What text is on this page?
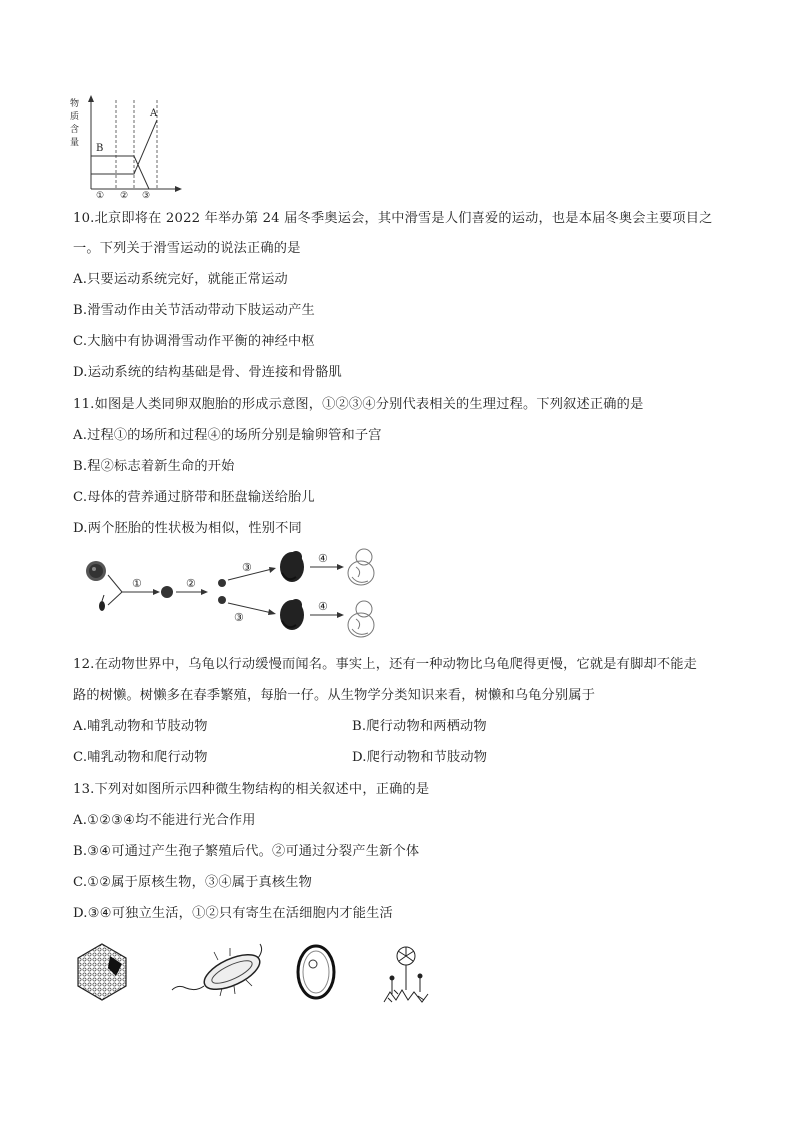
物质含量
A
B
① ② ③
10.北京即将在 2022 年举办第 24 届冬季奥运会，其中滑雪是人们喜爱的运动，也是本届冬奥会主要项目之
一。下列关于滑雪运动的说法正确的是
A.只要运动系统完好，就能正常运动
B.滑雪动作由关节活动带动下肢运动产生
C.大脑中有协调滑雪动作平衡的神经中枢
D.运动系统的结构基础是骨、骨连接和骨骼肌
11.如图是人类同卵双胞胎的形成示意图，①②③④分别代表相关的生理过程。下列叙述正确的是
A.过程①的场所和过程④的场所分别是输卵管和子宫
B.程②标志着新生命的开始
C.母体的营养通过脐带和胚盘输送给胎儿
D.两个胚胎的性状极为相似，性别不同
①	②
③
③
④
④
12.在动物世界中，乌龟以行动缓慢而闻名。事实上，还有一种动物比乌龟爬得更慢，它就是有脚却不能走
路的树懒。树懒多在春季繁殖，每胎一仔。从生物学分类知识来看，树懒和乌龟分别属于
A.哺乳动物和节肢动物	B.爬行动物和两栖动物
C.哺乳动物和爬行动物	D.爬行动物和节肢动物
13.下列对如图所示四种微生物结构的相关叙述中，正确的是
A.①②③④均不能进行光合作用
B.③④可通过产生孢子繁殖后代。②可通过分裂产生新个体
C.①②属于原核生物，③④属于真核生物
D.③④可独立生活，①②只有寄生在活细胞内才能生活
